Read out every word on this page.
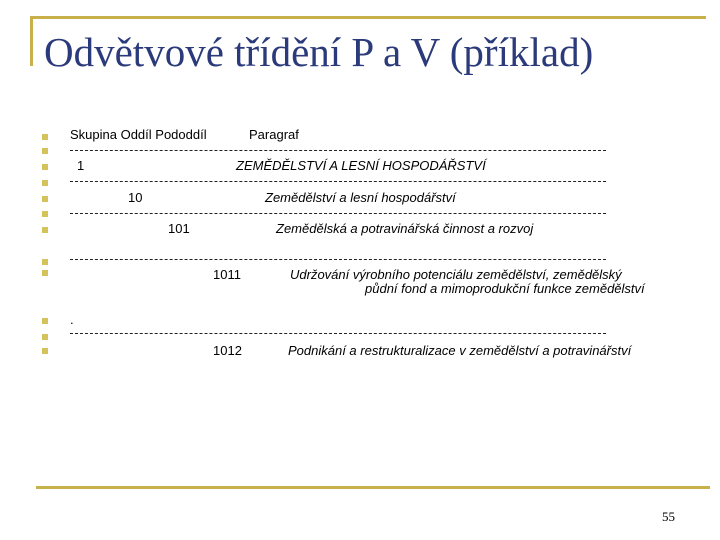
Odvětvové třídění P a V (příklad)
Skupina Oddíl Pododdíl	Paragraf
1	ZEMĚDĚLSTVÍ A LESNÍ HOSPODÁŘSTVÍ
10	Zemědělství a lesní hospodářství
101	Zemědělská a potravinářská činnost a rozvoj
1011	Udržování výrobního potenciálu zemědělství, zemědělský
půdní fond a mimoprodukční funkce zemědělství
.
1012	Podnikání a restrukturalizace v zemědělství a potravinářství
55
